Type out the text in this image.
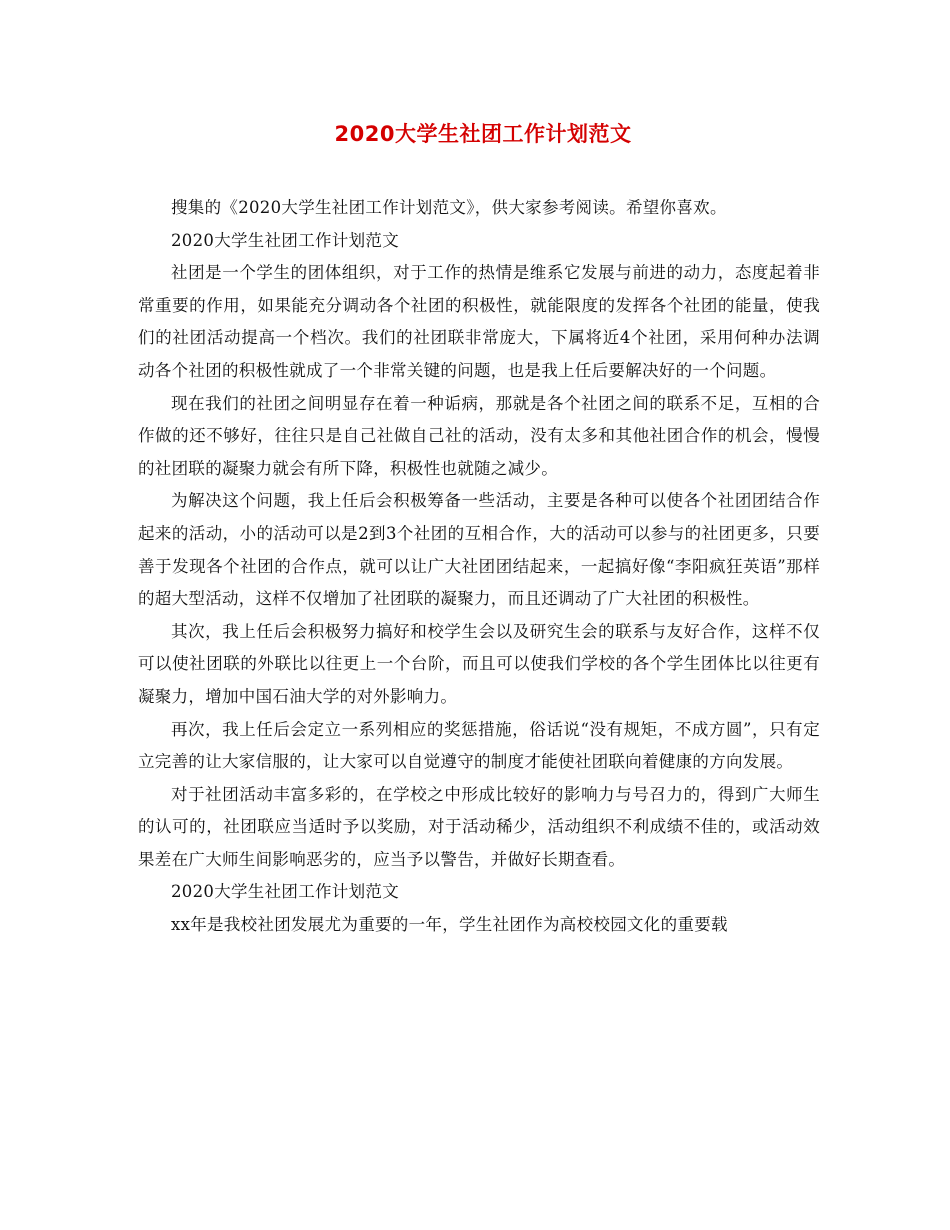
2020大学生社团工作计划范文

搜集的《2020大学生社团工作计划范文》，供大家参考阅读。希望你喜欢。

2020大学生社团工作计划范文

社团是一个学生的团体组织，对于工作的热情是维系它发展与前进的动力，态度起着非常重要的作用，如果能充分调动各个社团的积极性，就能限度的发挥各个社团的能量，使我们的社团活动提高一个档次。我们的社团联非常庞大，下属将近4个社团，采用何种办法调动各个社团的积极性就成了一个非常关键的问题，也是我上任后要解决好的一个问题。

现在我们的社团之间明显存在着一种诟病，那就是各个社团之间的联系不足，互相的合作做的还不够好，往往只是自己社做自己社的活动，没有太多和其他社团合作的机会，慢慢的社团联的凝聚力就会有所下降，积极性也就随之减少。

为解决这个问题，我上任后会积极筹备一些活动，主要是各种可以使各个社团团结合作起来的活动，小的活动可以是2到3个社团的互相合作，大的活动可以参与的社团更多，只要善于发现各个社团的合作点，就可以让广大社团团结起来，一起搞好像“李阳疯狂英语”那样的超大型活动，这样不仅增加了社团联的凝聚力，而且还调动了广大社团的积极性。

其次，我上任后会积极努力搞好和校学生会以及研究生会的联系与友好合作，这样不仅可以使社团联的外联比以往更上一个台阶，而且可以使我们学校的各个学生团体比以往更有凝聚力，增加中国石油大学的对外影响力。

再次，我上任后会定立一系列相应的奖惩措施，俗话说“没有规矩，不成方圆”，只有定立完善的让大家信服的，让大家可以自觉遵守的制度才能使社团联向着健康的方向发展。

对于社团活动丰富多彩的，在学校之中形成比较好的影响力与号召力的，得到广大师生的认可的，社团联应当适时予以奖励，对于活动稀少，活动组织不利成绩不佳的，或活动效果差在广大师生间影响恶劣的，应当予以警告，并做好长期查看。

2020大学生社团工作计划范文

xx年是我校社团发展尤为重要的一年，学生社团作为高校校园文化的重要载
